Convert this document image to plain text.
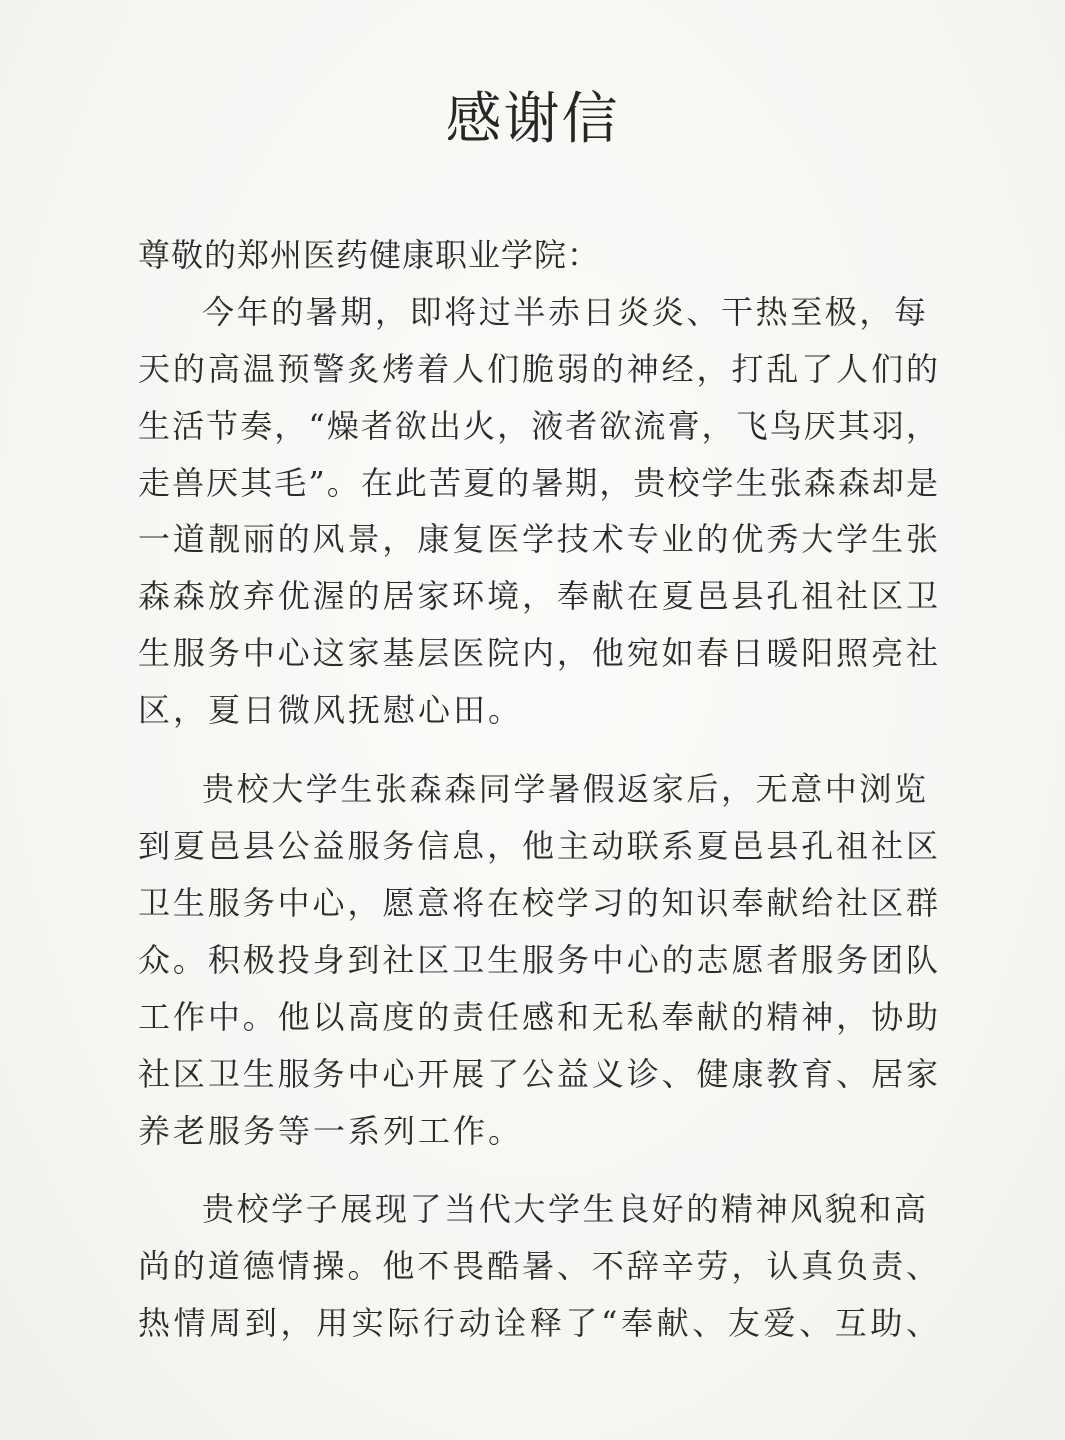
感谢信
尊敬的郑州医药健康职业学院：
今年的暑期，即将过半赤日炎炎、干热至极，每
天的高温预警炙烤着人们脆弱的神经，打乱了人们的
生活节奏，“燥者欲出火，液者欲流膏，飞鸟厌其羽，
走兽厌其毛”。在此苦夏的暑期，贵校学生张森森却是
一道靓丽的风景，康复医学技术专业的优秀大学生张
森森放弃优渥的居家环境，奉献在夏邑县孔祖社区卫
生服务中心这家基层医院内，他宛如春日暖阳照亮社
区，夏日微风抚慰心田。
贵校大学生张森森同学暑假返家后，无意中浏览
到夏邑县公益服务信息，他主动联系夏邑县孔祖社区
卫生服务中心，愿意将在校学习的知识奉献给社区群
众。积极投身到社区卫生服务中心的志愿者服务团队
工作中。他以高度的责任感和无私奉献的精神，协助
社区卫生服务中心开展了公益义诊、健康教育、居家
养老服务等一系列工作。
贵校学子展现了当代大学生良好的精神风貌和高
尚的道德情操。他不畏酷暑、不辞辛劳，认真负责、
热情周到，用实际行动诠释了“奉献、友爱、互助、
